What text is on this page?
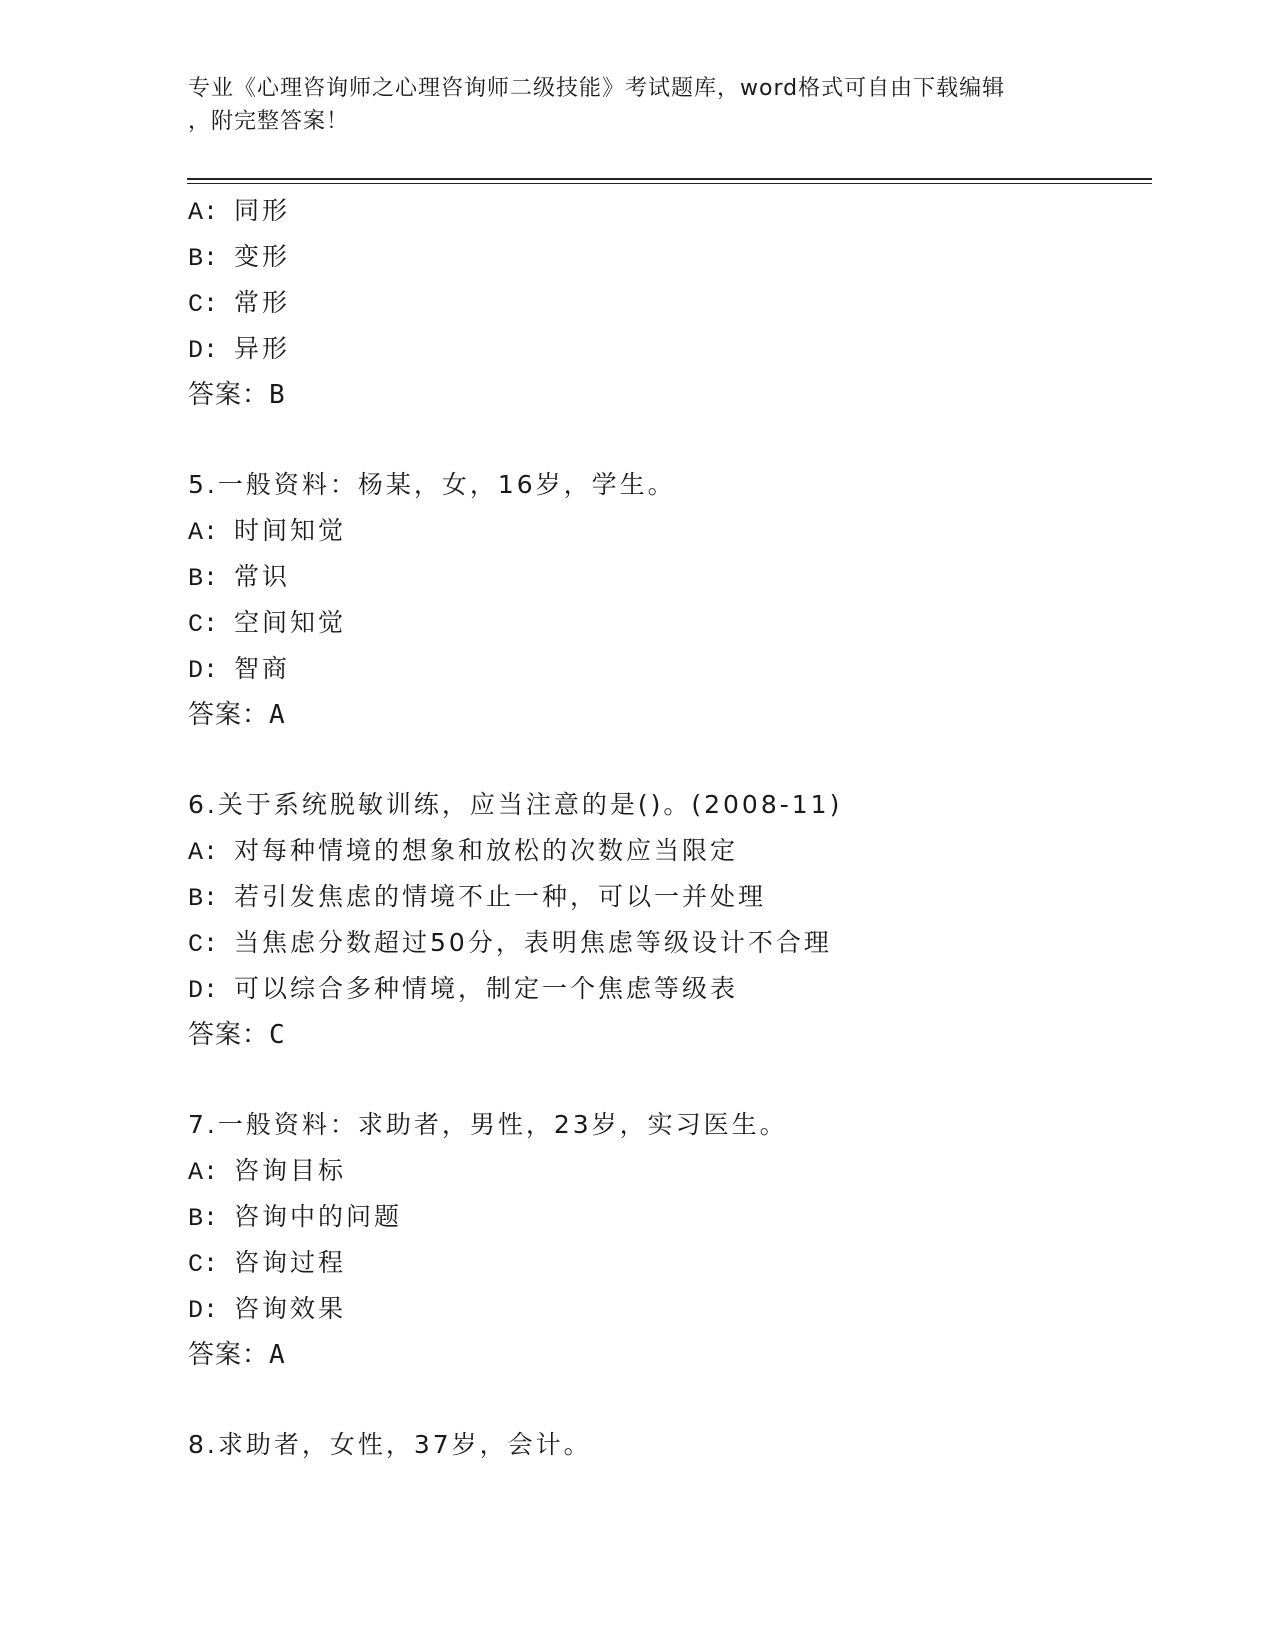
专业《心理咨询师之心理咨询师二级技能》考试题库，word格式可自由下载编辑
，附完整答案！
A: 同形
B: 变形
C: 常形
D: 异形
答案：B
5.一般资料：杨某，女，16岁，学生。
A: 时间知觉
B: 常识
C: 空间知觉
D: 智商
答案：A
6.关于系统脱敏训练，应当注意的是()。(2008-11)
A: 对每种情境的想象和放松的次数应当限定
B: 若引发焦虑的情境不止一种，可以一并处理
C: 当焦虑分数超过50分，表明焦虑等级设计不合理
D: 可以综合多种情境，制定一个焦虑等级表
答案：C
7.一般资料：求助者，男性，23岁，实习医生。
A: 咨询目标
B: 咨询中的问题
C: 咨询过程
D: 咨询效果
答案：A
8.求助者，女性，37岁，会计。
